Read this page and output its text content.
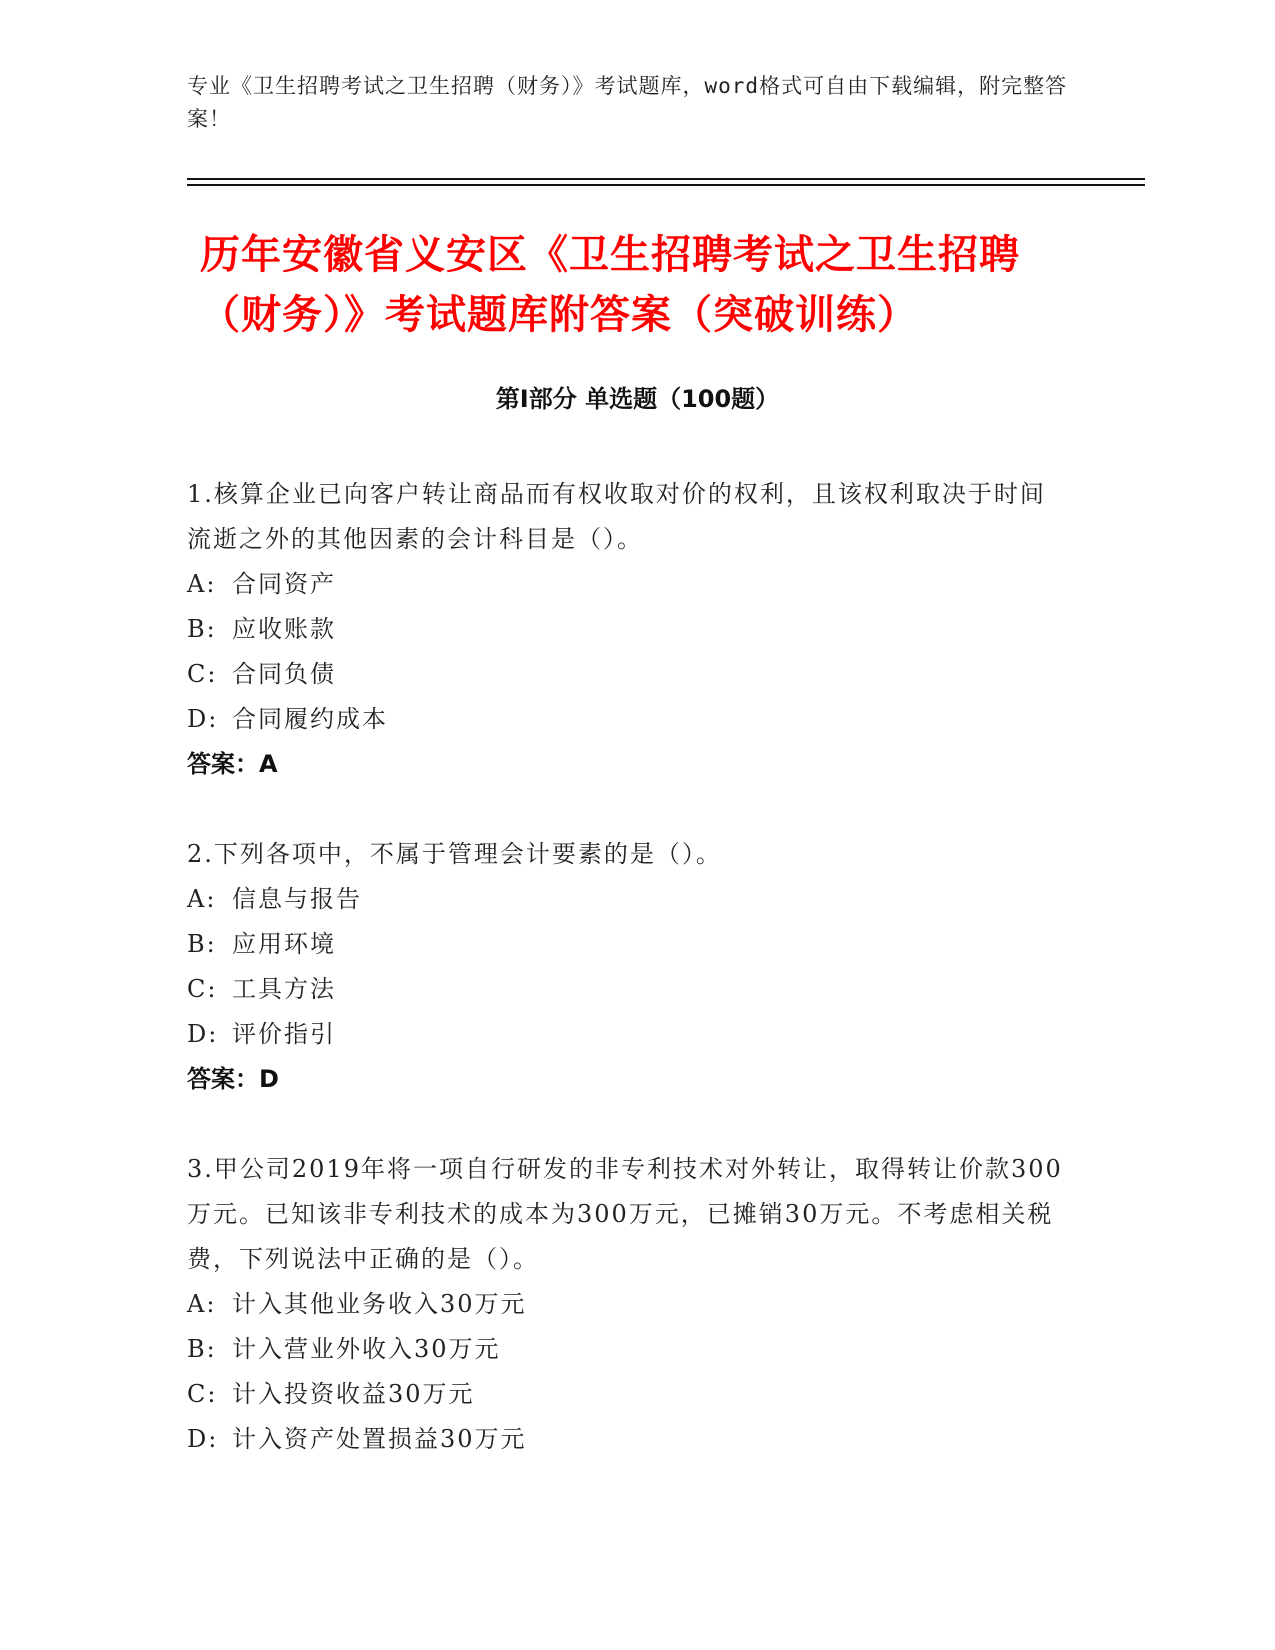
专业《卫生招聘考试之卫生招聘（财务）》考试题库，word格式可自由下载编辑，附完整答案！
历年安徽省义安区《卫生招聘考试之卫生招聘（财务）》考试题库附答案（突破训练）
第I部分 单选题（100题）
1.核算企业已向客户转让商品而有权收取对价的权利，且该权利取决于时间流逝之外的其他因素的会计科目是（）。
A: 合同资产
B: 应收账款
C: 合同负债
D: 合同履约成本
答案：A
2.下列各项中，不属于管理会计要素的是（）。
A: 信息与报告
B: 应用环境
C: 工具方法
D: 评价指引
答案：D
3.甲公司2019年将一项自行研发的非专利技术对外转让，取得转让价款300万元。已知该非专利技术的成本为300万元，已摊销30万元。不考虑相关税费，下列说法中正确的是（）。
A: 计入其他业务收入30万元
B: 计入营业外收入30万元
C: 计入投资收益30万元
D: 计入资产处置损益30万元
